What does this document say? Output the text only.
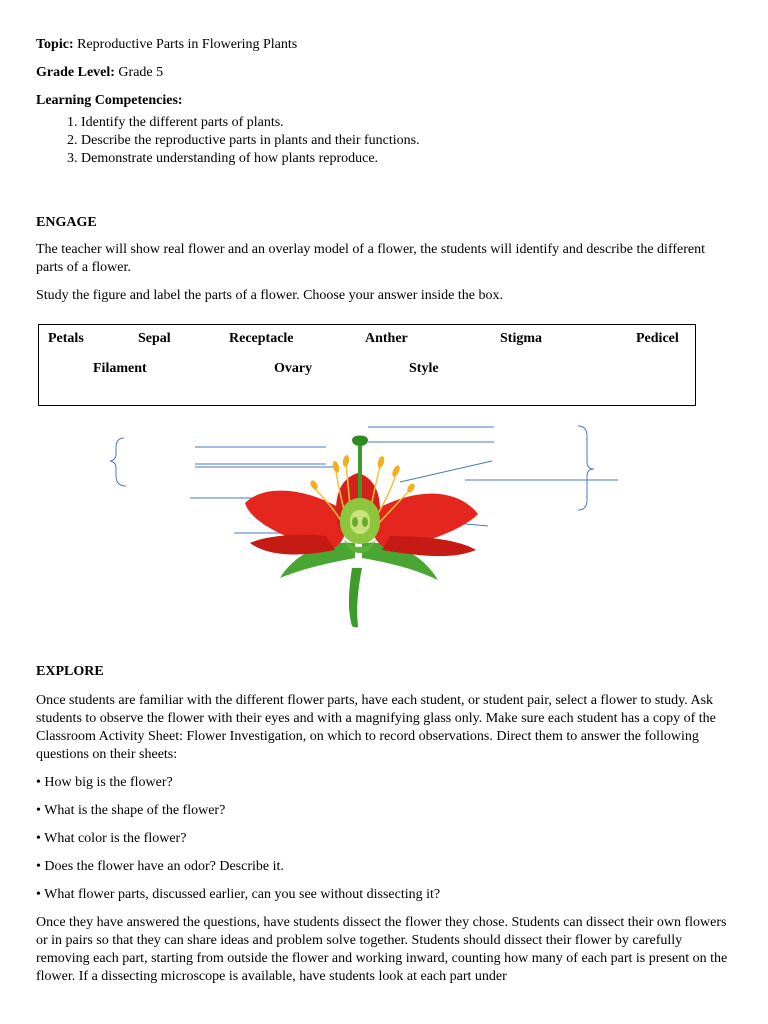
Topic: Reproductive Parts in Flowering Plants

Grade Level: Grade 5

Learning Competencies:

1. Identify the different parts of plants.
2. Describe the reproductive parts in plants and their functions.
3. Demonstrate understanding of how plants reproduce.

ENGAGE

The teacher will show real flower and an overlay model of a flower, the students will identify and describe the different parts of a flower.

Study the figure and label the parts of a flower. Choose your answer inside the box.

Petals	Sepal	Receptacle	Anther	Stigma	Pedicel
Filament	Ovary	Style

EXPLORE

Once students are familiar with the different flower parts, have each student, or student pair, select a flower to study. Ask students to observe the flower with their eyes and with a magnifying glass only. Make sure each student has a copy of the Classroom Activity Sheet: Flower Investigation, on which to record observations. Direct them to answer the following questions on their sheets:

• How big is the flower?

• What is the shape of the flower?

• What color is the flower?

• Does the flower have an odor? Describe it.

• What flower parts, discussed earlier, can you see without dissecting it?

Once they have answered the questions, have students dissect the flower they chose. Students can dissect their own flowers or in pairs so that they can share ideas and problem solve together. Students should dissect their flower by carefully removing each part, starting from outside the flower and working inward, counting how many of each part is present on the flower. If a dissecting microscope is available, have students look at each part under
